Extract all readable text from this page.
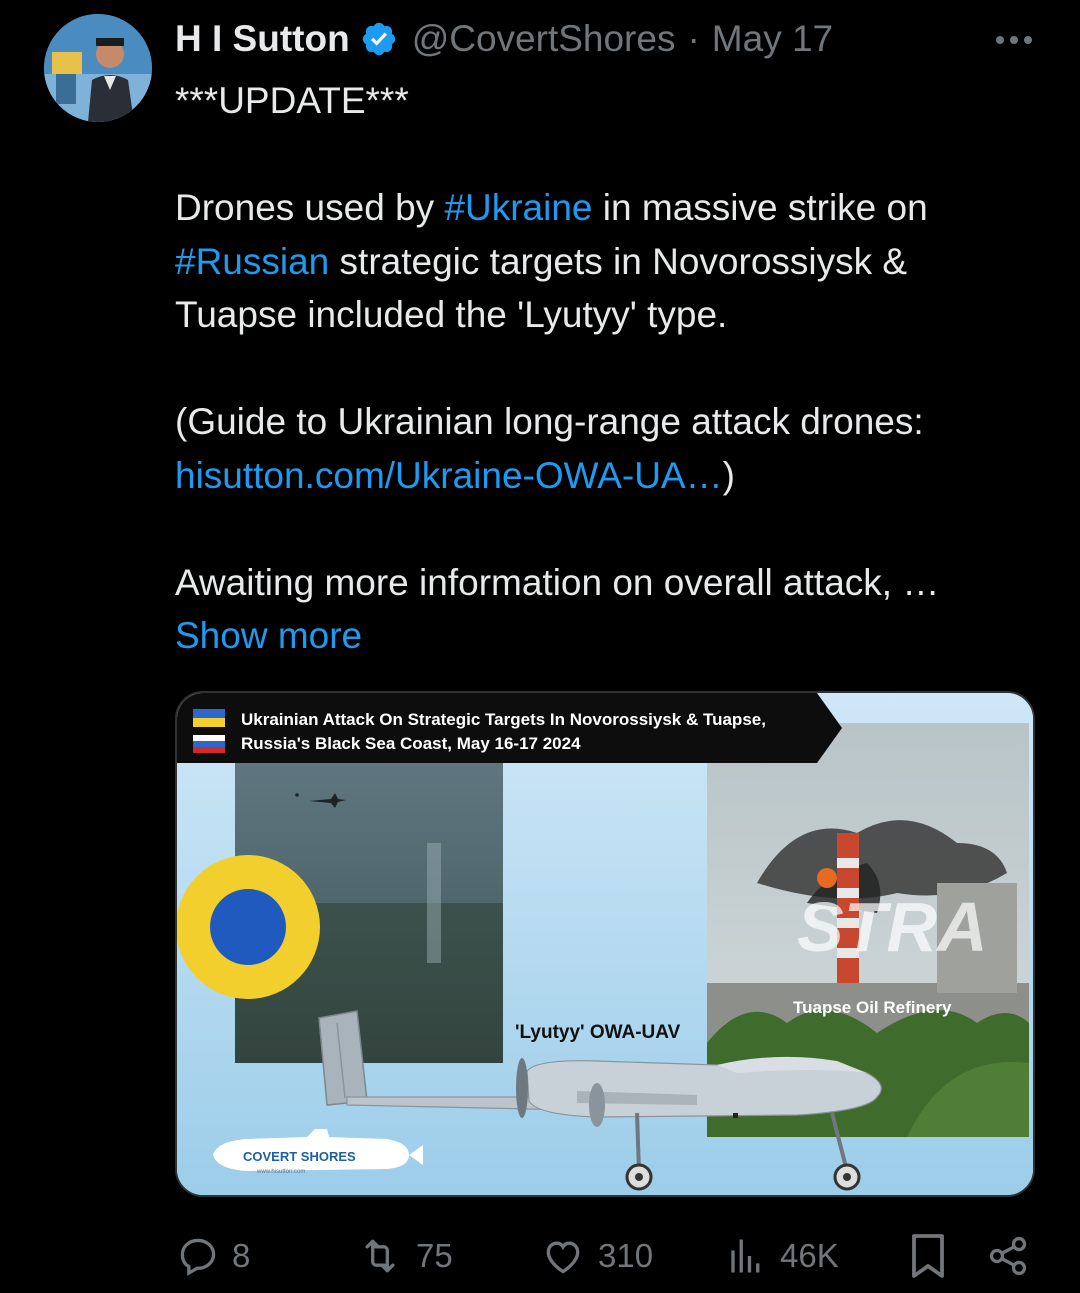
H I Sutton @CovertShores · May 17

***UPDATE***

Drones used by #Ukraine in massive strike on #Russian strategic targets in Novorossiysk & Tuapse included the 'Lyutyy' type.

(Guide to Ukrainian long-range attack drones: hisutton.com/Ukraine-OWA-UA…)

Awaiting more information on overall attack, …

Show more

STRA
Tuapse Oil Refinery
Ukrainian Attack On Strategic Targets In Novorossiysk & Tuapse,
Russia's Black Sea Coast, May 16-17 2024
'Lyutyy' OWA-UAV
COVERT SHORES
www.hisutton.com
8	75	310	46K
